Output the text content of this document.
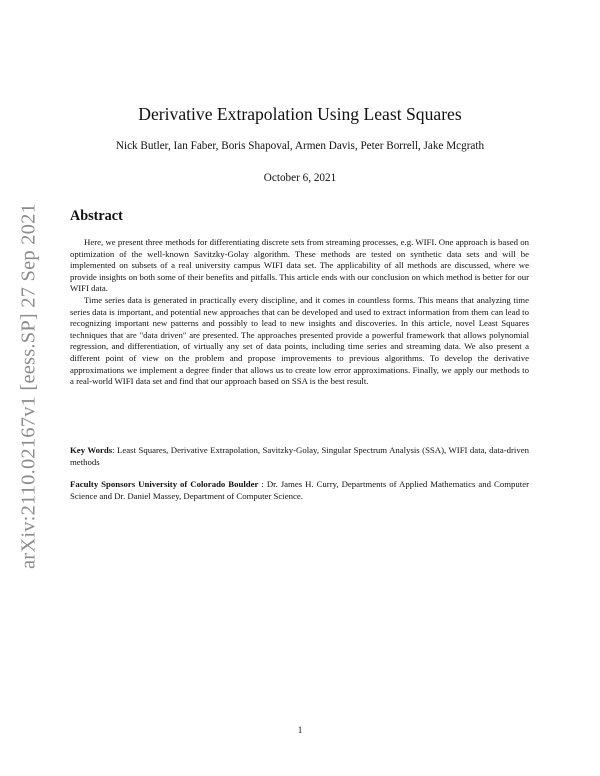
arXiv:2110.02167v1 [eess.SP] 27 Sep 2021
Derivative Extrapolation Using Least Squares
Nick Butler, Ian Faber, Boris Shapoval, Armen Davis, Peter Borrell, Jake Mcgrath
October 6, 2021
Abstract

Here, we present three methods for differentiating discrete sets from streaming processes, e.g. WIFI. One approach is based on optimization of the well-known Savitzky-Golay algorithm. These methods are tested on synthetic data sets and will be implemented on subsets of a real university campus WIFI data set. The applicability of all methods are discussed, where we provide insights on both some of their benefits and pitfalls. This article ends with our conclusion on which method is better for our WIFI data.

Time series data is generated in practically every discipline, and it comes in countless forms. This means that analyzing time series data is important, and potential new approaches that can be developed and used to extract information from them can lead to recognizing important new patterns and possibly to lead to new insights and discoveries. In this article, novel Least Squares techniques that are "data driven" are presented. The approaches presented provide a powerful framework that allows polynomial regression, and differentiation, of virtually any set of data points, including time series and streaming data. We also present a different point of view on the problem and propose improvements to previous algorithms. To develop the derivative approximations we implement a degree finder that allows us to create low error approximations. Finally, we apply our methods to a real-world WIFI data set and find that our approach based on SSA is the best result.

Key Words: Least Squares, Derivative Extrapolation, Savitzky-Golay, Singular Spectrum Analysis (SSA), WIFI data, data-driven methods

Faculty Sponsors University of Colorado Boulder : Dr. James H. Curry, Departments of Applied Mathematics and Computer Science and Dr. Daniel Massey, Department of Computer Science.

1
